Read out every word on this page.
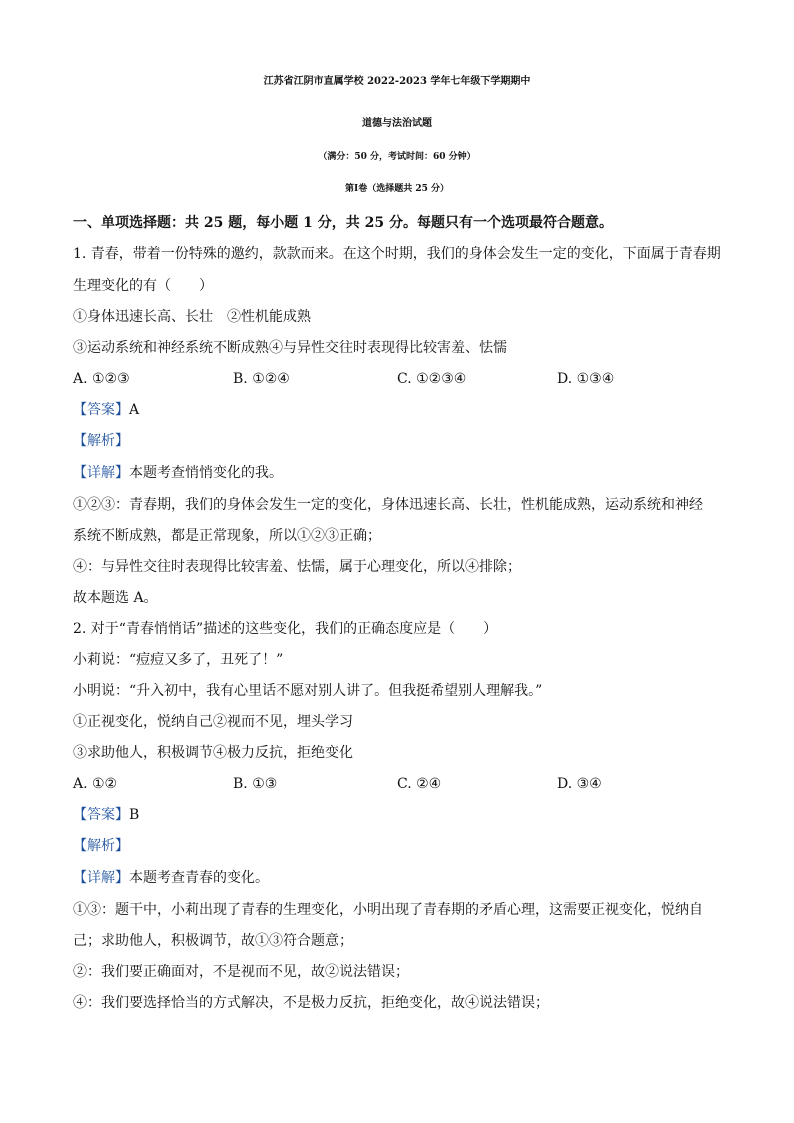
江苏省江阴市直属学校 2022-2023 学年七年级下学期期中
道德与法治试题
（满分：50 分，考试时间：60 分钟）
第Ⅰ卷（选择题共 25 分）
一、单项选择题：共 25 题，每小题 1 分，共 25 分。每题只有一个选项最符合题意。
1. 青春，带着一份特殊的邀约，款款而来。在这个时期，我们的身体会发生一定的变化，下面属于青春期
生理变化的有（　　）
①身体迅速长高、长壮　②性机能成熟
③运动系统和神经系统不断成熟④与异性交往时表现得比较害羞、怯懦
A. ①②③	B. ①②④	C. ①②③④	D. ①③④
【答案】A
【解析】
【详解】本题考查悄悄变化的我。
①②③：青春期，我们的身体会发生一定的变化，身体迅速长高、长壮，性机能成熟，运动系统和神经
系统不断成熟，都是正常现象，所以①②③正确；
④：与异性交往时表现得比较害羞、怯懦，属于心理变化，所以④排除；
故本题选 A。
2. 对于“青春悄悄话”描述的这些变化，我们的正确态度应是（　　）
小莉说：“痘痘又多了，丑死了！”
小明说：“升入初中，我有心里话不愿对别人讲了。但我挺希望别人理解我。”
①正视变化，悦纳自己②视而不见，埋头学习
③求助他人，积极调节④极力反抗，拒绝变化
A. ①②	B. ①③	C. ②④	D. ③④
【答案】B
【解析】
【详解】本题考查青春的变化。
①③：题干中，小莉出现了青春的生理变化，小明出现了青春期的矛盾心理，这需要正视变化，悦纳自
己；求助他人，积极调节，故①③符合题意；
②：我们要正确面对，不是视而不见，故②说法错误；
④：我们要选择恰当的方式解决，不是极力反抗，拒绝变化，故④说法错误；
